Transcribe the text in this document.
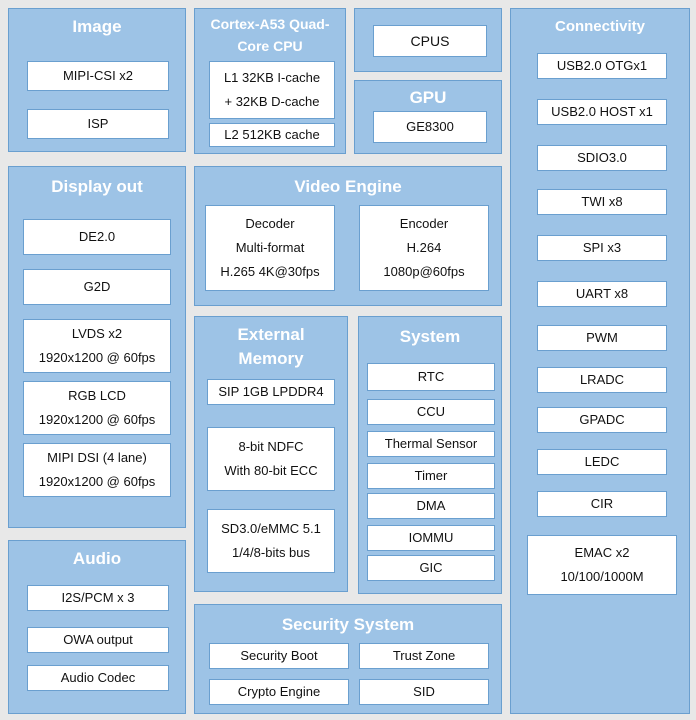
Image
MIPI-CSI x2
ISP
Cortex-A53 Quad-
Core CPU
L1 32KB I-cache
+ 32KB D-cache
L2 512KB cache
CPUS
GPU
GE8300
Connectivity
USB2.0 OTGx1
USB2.0 HOST x1
SDIO3.0
TWI x8
SPI x3
UART x8
PWM
LRADC
GPADC
LEDC
CIR
EMAC x2
10/100/1000M
Display out
DE2.0
G2D
LVDS x2
1920x1200 @ 60fps
RGB LCD
1920x1200 @ 60fps
MIPI DSI (4 lane)
1920x1200 @ 60fps
Video Engine
Decoder
Multi-format
H.265 4K@30fps
Encoder
H.264
1080p@60fps
External
Memory
SIP 1GB LPDDR4
8-bit NDFC
With 80-bit ECC
SD3.0/eMMC 5.1
1/4/8-bits bus
System
RTC
CCU
Thermal Sensor
Timer
DMA
IOMMU
GIC
Audio
I2S/PCM x 3
OWA output
Audio Codec
Security System
Security Boot	Trust Zone
Crypto Engine	SID
